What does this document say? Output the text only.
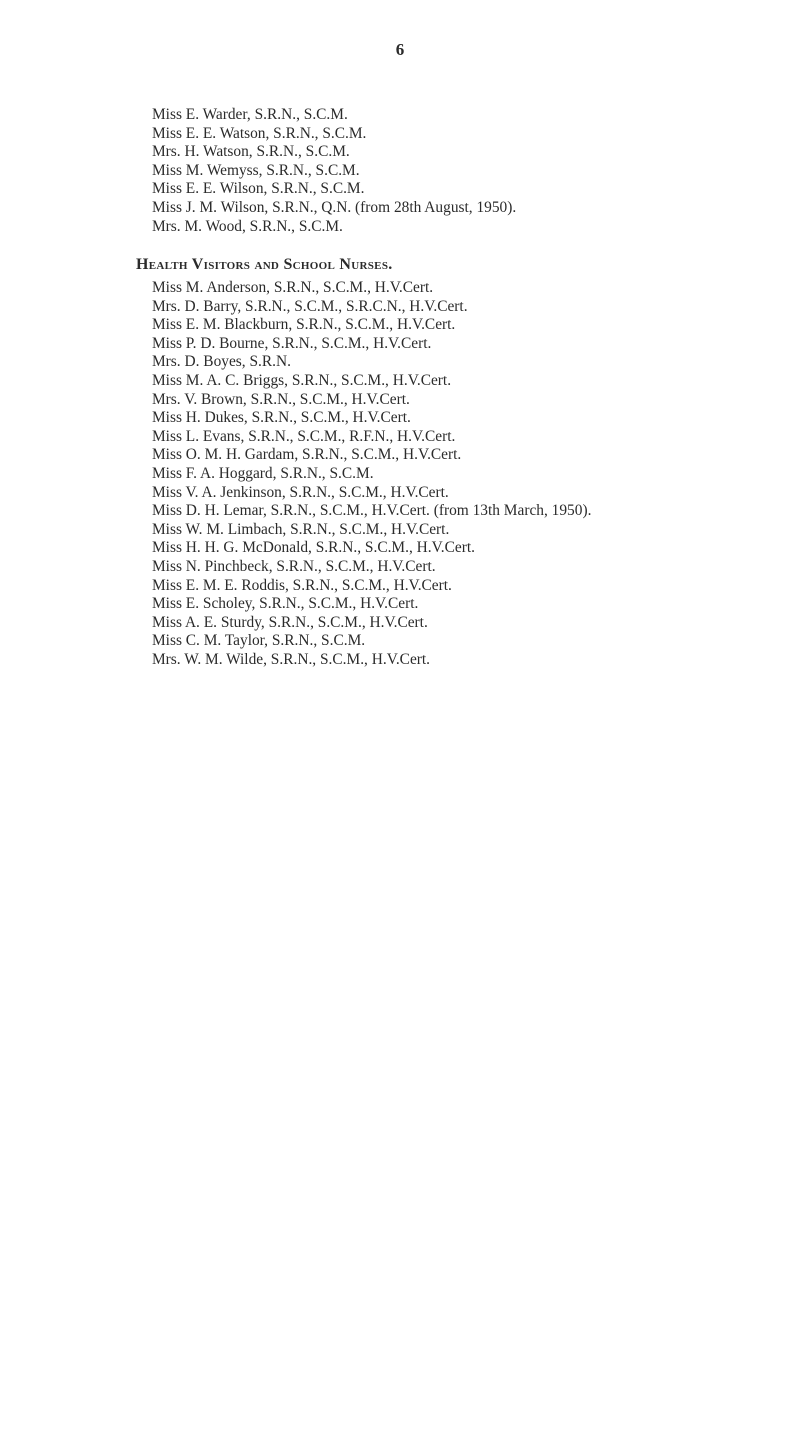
6
Miss E. Warder, S.R.N., S.C.M.
Miss E. E. Watson, S.R.N., S.C.M.
Mrs. H. Watson, S.R.N., S.C.M.
Miss M. Wemyss, S.R.N., S.C.M.
Miss E. E. Wilson, S.R.N., S.C.M.
Miss J. M. Wilson, S.R.N., Q.N. (from 28th August, 1950).
Mrs. M. Wood, S.R.N., S.C.M.
Health Visitors and School Nurses.
Miss M. Anderson, S.R.N., S.C.M., H.V.Cert.
Mrs. D. Barry, S.R.N., S.C.M., S.R.C.N., H.V.Cert.
Miss E. M. Blackburn, S.R.N., S.C.M., H.V.Cert.
Miss P. D. Bourne, S.R.N., S.C.M., H.V.Cert.
Mrs. D. Boyes, S.R.N.
Miss M. A. C. Briggs, S.R.N., S.C.M., H.V.Cert.
Mrs. V. Brown, S.R.N., S.C.M., H.V.Cert.
Miss H. Dukes, S.R.N., S.C.M., H.V.Cert.
Miss L. Evans, S.R.N., S.C.M., R.F.N., H.V.Cert.
Miss O. M. H. Gardam, S.R.N., S.C.M., H.V.Cert.
Miss F. A. Hoggard, S.R.N., S.C.M.
Miss V. A. Jenkinson, S.R.N., S.C.M., H.V.Cert.
Miss D. H. Lemar, S.R.N., S.C.M., H.V.Cert. (from 13th March, 1950).
Miss W. M. Limbach, S.R.N., S.C.M., H.V.Cert.
Miss H. H. G. McDonald, S.R.N., S.C.M., H.V.Cert.
Miss N. Pinchbeck, S.R.N., S.C.M., H.V.Cert.
Miss E. M. E. Roddis, S.R.N., S.C.M., H.V.Cert.
Miss E. Scholey, S.R.N., S.C.M., H.V.Cert.
Miss A. E. Sturdy, S.R.N., S.C.M., H.V.Cert.
Miss C. M. Taylor, S.R.N., S.C.M.
Mrs. W. M. Wilde, S.R.N., S.C.M., H.V.Cert.
